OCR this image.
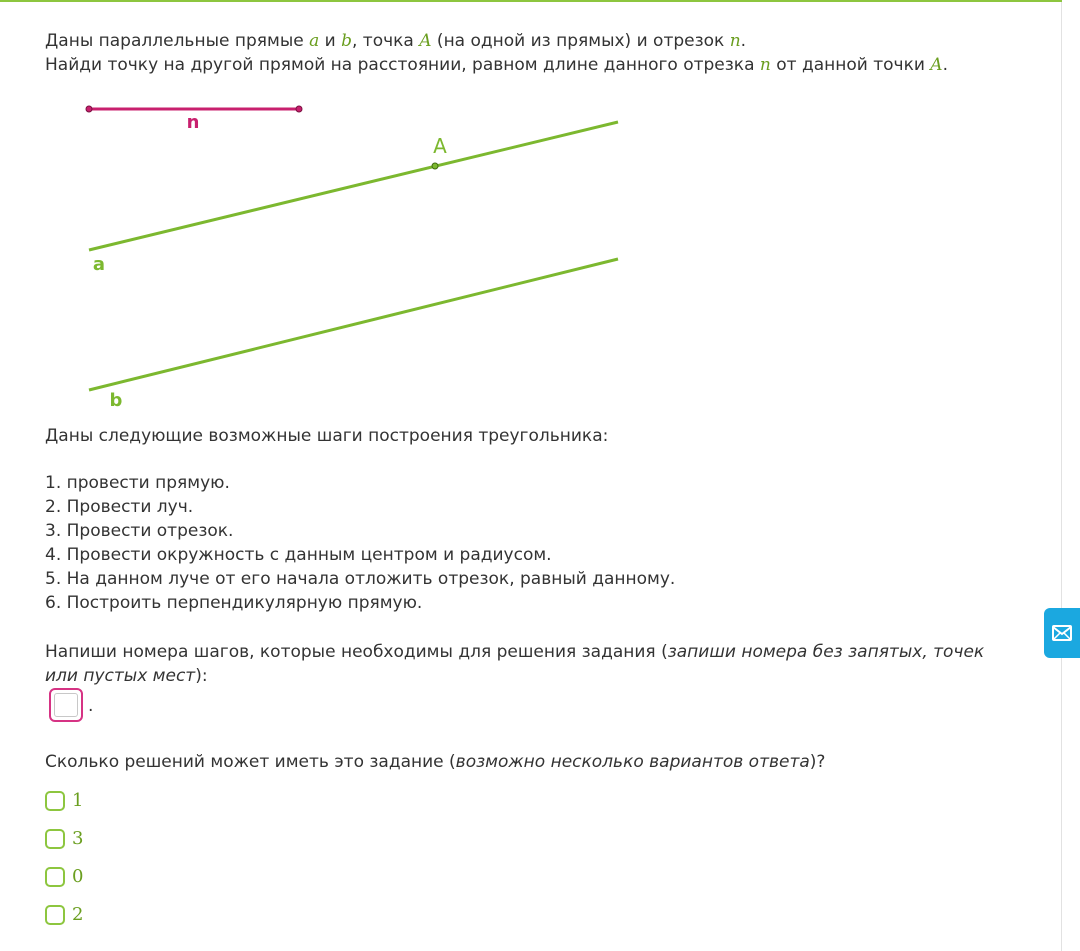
Даны параллельные прямые a и b, точка A (на одной из прямых) и отрезок n.

Найди точку на другой прямой на расстоянии, равном длине данного отрезка n от данной точки A.

n
A
a
b
Даны следующие возможные шаги построения треугольника:
1. провести прямую.
2. Провести луч.
3. Провести отрезок.
4. Провести окружность с данным центром и радиусом.
5. На данном луче от его начала отложить отрезок, равный данному.
6. Построить перпендикулярную прямую.
Напиши номера шагов, которые необходимы для решения задания (запиши номера без запятых, точек или пустых мест):
.
Сколько решений может иметь это задание (возможно несколько вариантов ответа)?
1
3
0
2
